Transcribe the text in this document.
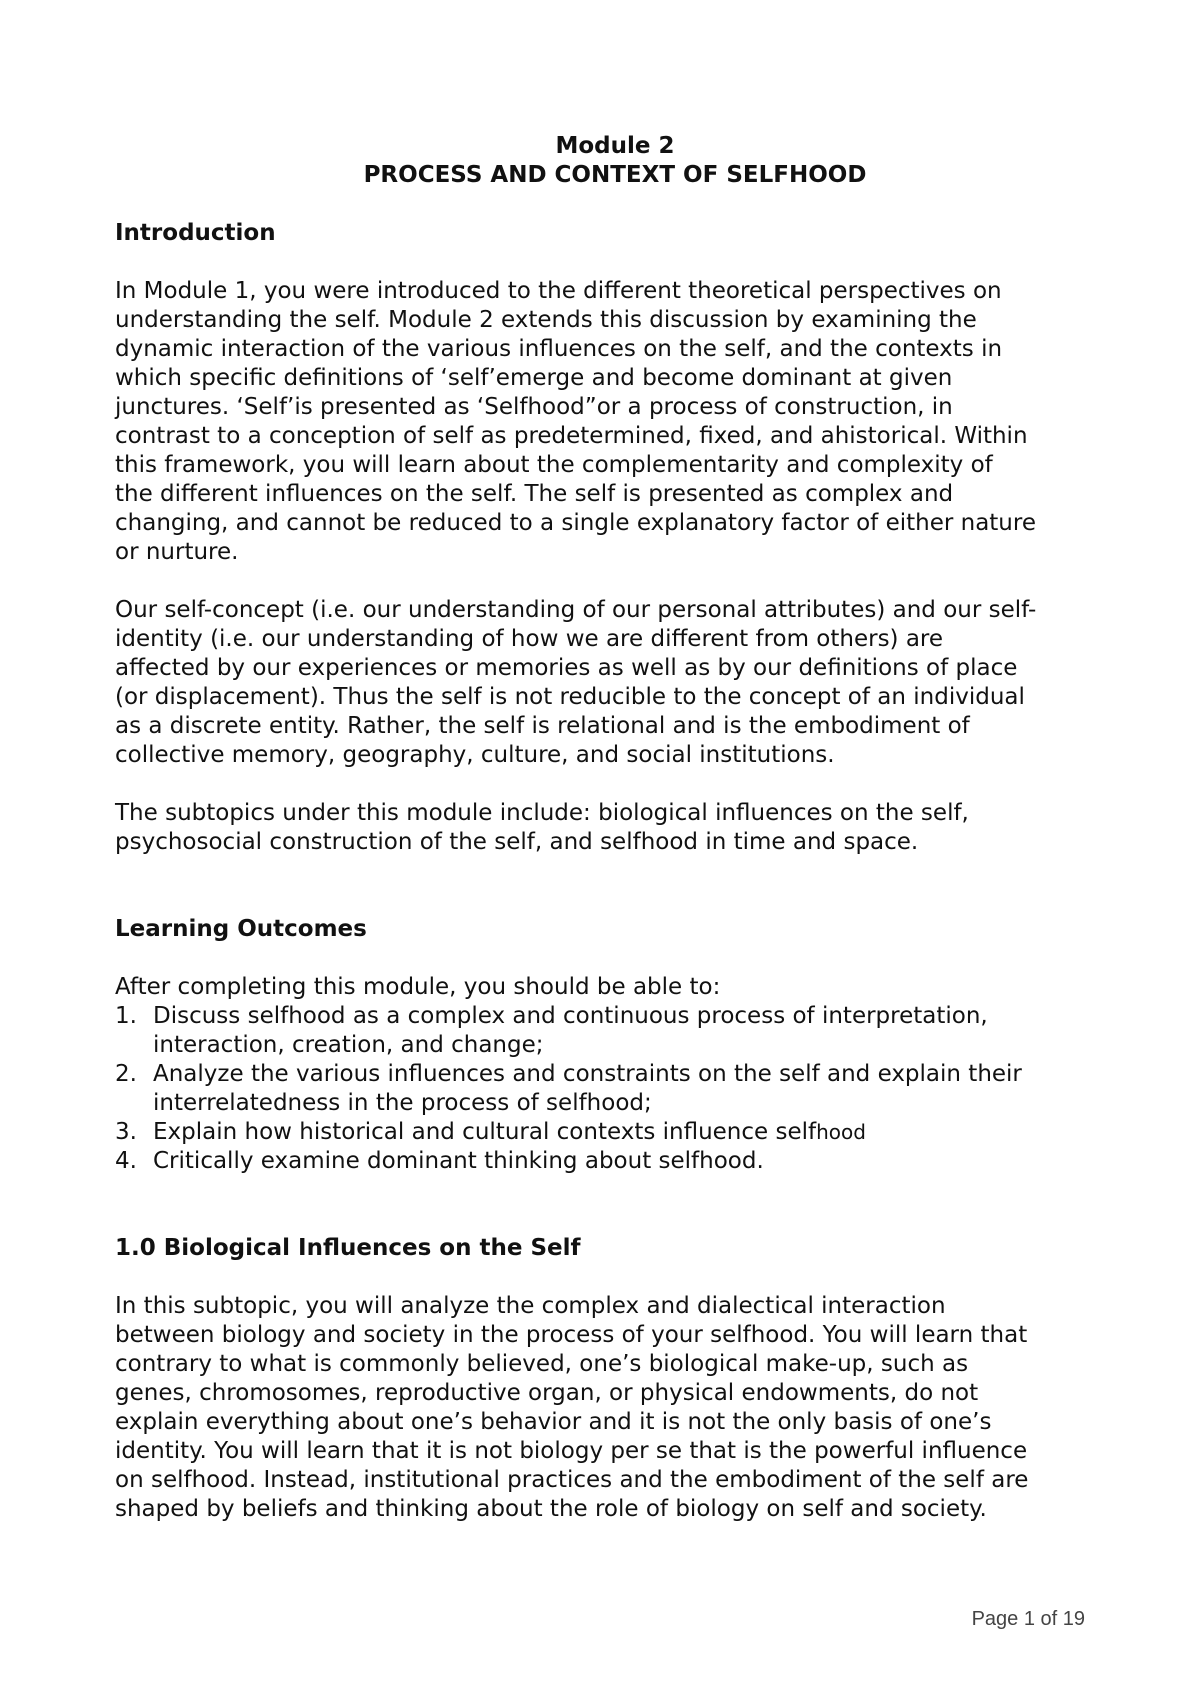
Module 2

PROCESS AND CONTEXT OF SELFHOOD

Introduction

In Module 1, you were introduced to the different theoretical perspectives on
understanding the self. Module 2 extends this discussion by examining the
dynamic interaction of the various influences on the self, and the contexts in
which specific definitions of ‘self’emerge and become dominant at given
junctures. ‘Self’is presented as ‘Selfhood”or a process of construction, in
contrast to a conception of self as predetermined, fixed, and ahistorical. Within
this framework, you will learn about the complementarity and complexity of
the different influences on the self. The self is presented as complex and
changing, and cannot be reduced to a single explanatory factor of either nature
or nurture.

Our self-concept (i.e. our understanding of our personal attributes) and our self-
identity (i.e. our understanding of how we are different from others) are
affected by our experiences or memories as well as by our definitions of place
(or displacement). Thus the self is not reducible to the concept of an individual
as a discrete entity. Rather, the self is relational and is the embodiment of
collective memory, geography, culture, and social institutions.

The subtopics under this module include: biological influences on the self,
psychosocial construction of the self, and selfhood in time and space.

Learning Outcomes

After completing this module, you should be able to:

1. Discuss selfhood as a complex and continuous process of interpretation,
interaction, creation, and change;
2. Analyze the various influences and constraints on the self and explain their
interrelatedness in the process of selfhood;
3. Explain how historical and cultural contexts influence selfhood
4. Critically examine dominant thinking about selfhood.

1.0 Biological Influences on the Self

In this subtopic, you will analyze the complex and dialectical interaction
between biology and society in the process of your selfhood. You will learn that
contrary to what is commonly believed, one’s biological make-up, such as
genes, chromosomes, reproductive organ, or physical endowments, do not
explain everything about one’s behavior and it is not the only basis of one’s
identity. You will learn that it is not biology per se that is the powerful influence
on selfhood. Instead, institutional practices and the embodiment of the self are
shaped by beliefs and thinking about the role of biology on self and society.

Page 1 of 19
